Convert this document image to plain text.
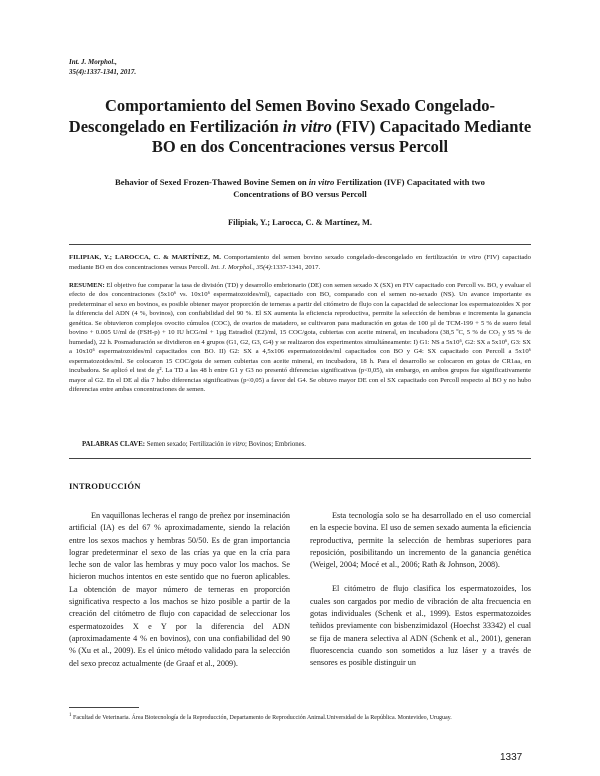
Int. J. Morphol.,
35(4):1337-1341, 2017.
Comportamiento del Semen Bovino Sexado Congelado-Descongelado en Fertilización in vitro (FIV) Capacitado Mediante BO en dos Concentraciones versus Percoll
Behavior of Sexed Frozen-Thawed Bovine Semen on in vitro Fertilization (IVF) Capacitated with two Concentrations of BO versus Percoll
Filipiak, Y.; Larocca, C. & Martínez, M.
FILIPIAK, Y.; LAROCCA, C. & MARTÍNEZ, M. Comportamiento del semen bovino sexado congelado-descongelado en fertilización in vitro (FIV) capacitado mediante BO en dos concentraciones versus Percoll. Int. J. Morphol., 35(4):1337-1341, 2017.
RESUMEN: El objetivo fue comparar la tasa de división (TD) y desarrollo embrionario (DE) con semen sexado X (SX) en FIV capacitado con Percoll vs. BO, y evaluar el efecto de dos concentraciones (5x10⁶ vs. 10x10⁶ espermatozoides/ml), capacitado con BO, comparado con el semen no-sexado (NS). Un avance importante es predeterminar el sexo en bovinos, es posible obtener mayor proporción de terneras a partir del citómetro de flujo con la capacidad de seleccionar los espermatozoides X por la diferencia del ADN (4 %, bovinos), con confiabilidad del 90 %. El SX aumenta la eficiencia reproductiva, permite la selección de hembras e incrementa la ganancia genética. Se obtuvieron complejos ovocito cúmulos (COC), de ovarios de matadero, se cultivaron para maduración en gotas de 100 µl de TCM-199 + 5 % de suero fetal bovino + 0.005 U/ml de (FSH-p) + 10 IU hCG/ml + 1µg Estradiol (E2)/ml, 15 COC/gota, cubiertas con aceite mineral, en incubadora (38,5 ºC, 5 % de CO₂ y 95 % de humedad), 22 h. Posmaduración se dividieron en 4 grupos (G1, G2, G3, G4) y se realizaron dos experimentos simultáneamente: I) G1: NS a 5x10⁶, G2: SX a 5x10⁶, G3: SX a 10x10⁶ espermatozoides/ml capacitados con BO. II) G2: SX a 4,5x106 espermatozoides/ml capacitados con BO y G4: SX capacitado con Percoll a 5x10⁶ espermatozoides/ml. Se colocaron 15 COC/gota de semen cubiertas con aceite mineral, en incubadora, 18 h. Para el desarrollo se colocaron en gotas de CR1aa, en incubadora. Se aplicó el test de χ². La TD a las 48 h entre G1 y G3 no presentó diferencias significativas (p<0,05), sin embargo, en ambos grupos fue significativamente mayor al G2. En el DE al día 7 hubo diferencias significativas (p<0,05) a favor del G4. Se obtuvo mayor DE con el SX capacitado con Percoll respecto al BO y no hubo diferencias entre ambas concentraciones de semen.
PALABRAS CLAVE: Semen sexado; Fertilización in vitro; Bovinos; Embriones.
INTRODUCCIÓN

En vaquillonas lecheras el rango de preñez por inseminación artificial (IA) es del 67 % aproximadamente, siendo la relación entre los sexos machos y hembras 50/50. Es de gran importancia lograr predeterminar el sexo de las crías ya que en la cría para leche son de valor las hembras y muy poco valor los machos. Se hicieron muchos intentos en este sentido que no fueron aplicables. La obtención de mayor número de terneras en proporción significativa respecto a los machos se hizo posible a partir de la creación del citómetro de flujo con capacidad de seleccionar los espermatozoides X e Y por la diferencia del ADN (aproximadamente 4 % en bovinos), con una confiabilidad del 90 % (Xu et al., 2009). Es el único método validado para la selección del sexo precoz actualmente (de Graaf et al., 2009).

Esta tecnología solo se ha desarrollado en el uso comercial en la especie bovina. El uso de semen sexado aumenta la eficiencia reproductiva, permite la selección de hembras superiores para reposición, posibilitando un incremento de la ganancia genética (Weigel, 2004; Mocé et al., 2006; Rath & Johnson, 2008).

El citómetro de flujo clasifica los espermatozoides, los cuales son cargados por medio de vibración de alta frecuencia en gotas individuales (Schenk et al., 1999). Estos espermatozoides teñidos previamente con bisbenzimidazol (Hoechst 33342) el cual se fija de manera selectiva al ADN (Schenk et al., 2001), generan fluorescencia cuando son sometidos a luz láser y a través de sensores es posible distinguir un

$^1$ Facultad de Veterinaria. Área Biotecnología de la Reproducción, Departamento de Reproducción Animal.Universidad de la República. Montevideo, Uruguay.
1337
